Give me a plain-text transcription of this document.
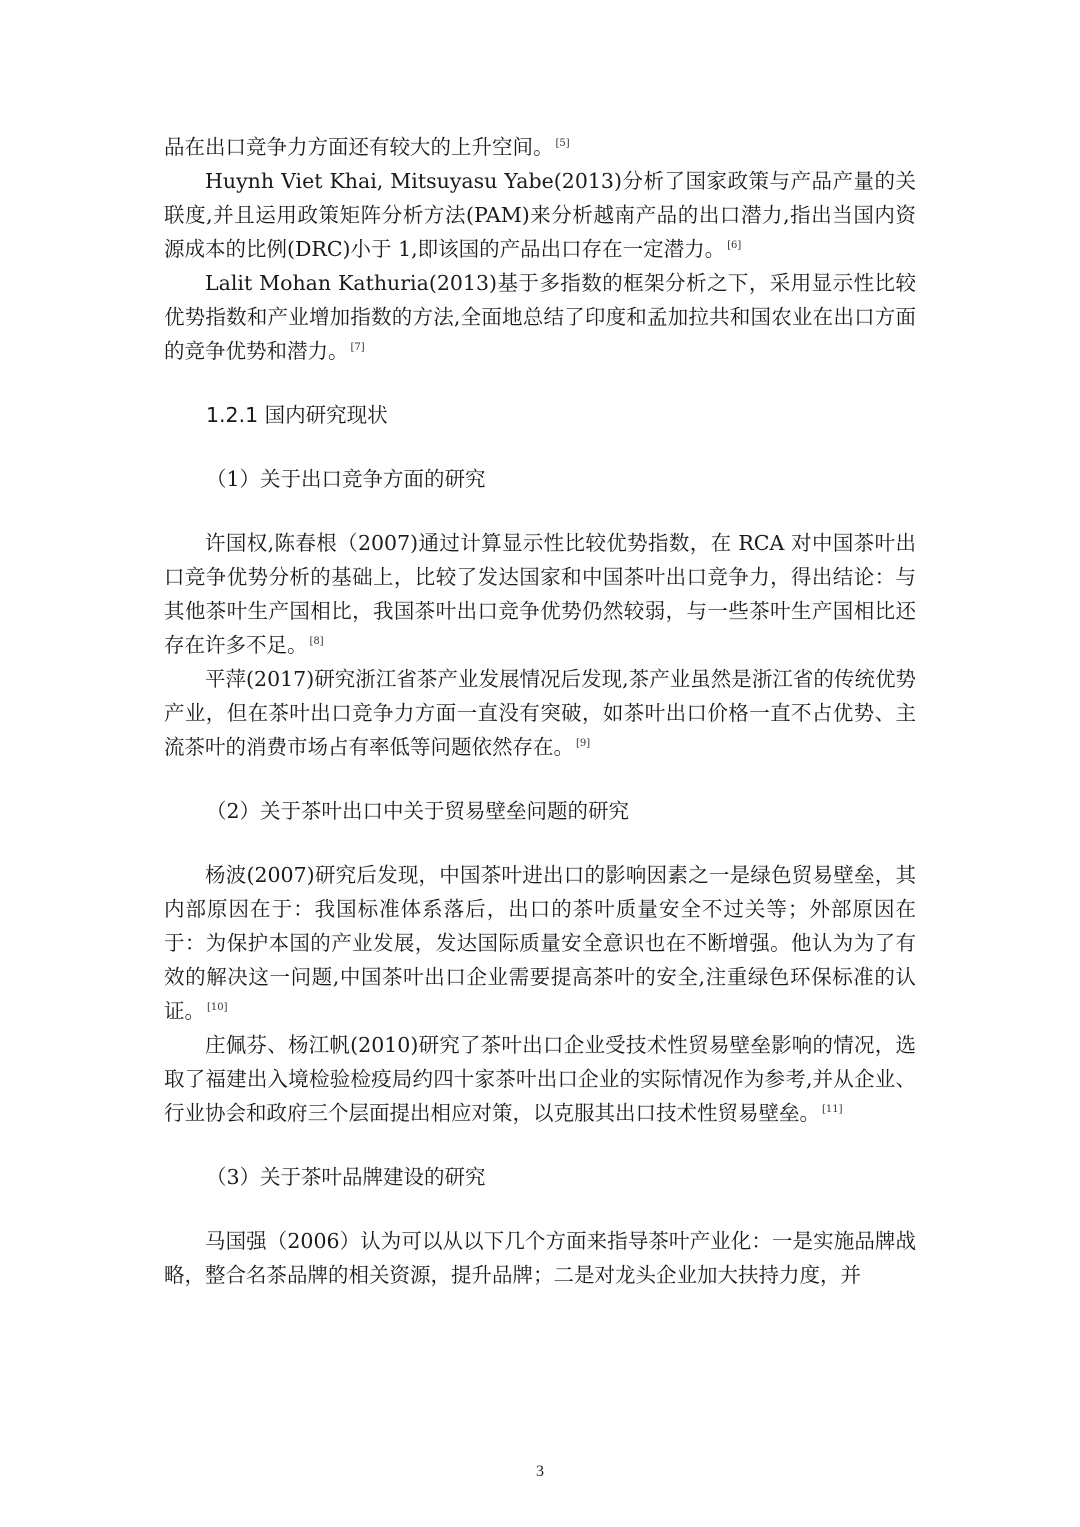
品在出口竞争力方面还有较大的上升空间。 [5]

Huynh Viet Khai, Mitsuyasu Yabe(2013)分析了国家政策与产品产量的关联度,并且运用政策矩阵分析方法(PAM)来分析越南产品的出口潜力,指出当国内资源成本的比例(DRC)小于 1,即该国的产品出口存在一定潜力。 [6]

Lalit Mohan Kathuria(2013)基于多指数的框架分析之下，采用显示性比较优势指数和产业增加指数的方法,全面地总结了印度和孟加拉共和国农业在出口方面的竞争优势和潜力。 [7]

1.2.1 国内研究现状

（1）关于出口竞争方面的研究

许国权,陈春根（2007)通过计算显示性比较优势指数，在 RCA 对中国茶叶出口竞争优势分析的基础上，比较了发达国家和中国茶叶出口竞争力，得出结论：与其他茶叶生产国相比，我国茶叶出口竞争优势仍然较弱，与一些茶叶生产国相比还存在许多不足。 [8]

平萍(2017)研究浙江省茶产业发展情况后发现,茶产业虽然是浙江省的传统优势产业，但在茶叶出口竞争力方面一直没有突破，如茶叶出口价格一直不占优势、主流茶叶的消费市场占有率低等问题依然存在。 [9]

（2）关于茶叶出口中关于贸易壁垒问题的研究

杨波(2007)研究后发现，中国茶叶进出口的影响因素之一是绿色贸易壁垒，其内部原因在于：我国标准体系落后，出口的茶叶质量安全不过关等；外部原因在于：为保护本国的产业发展，发达国际质量安全意识也在不断增强。他认为为了有效的解决这一问题,中国茶叶出口企业需要提高茶叶的安全,注重绿色环保标准的认证。 [10]

庄佩芬、杨江帆(2010)研究了茶叶出口企业受技术性贸易壁垒影响的情况，选取了福建出入境检验检疫局约四十家茶叶出口企业的实际情况作为参考,并从企业、行业协会和政府三个层面提出相应对策，以克服其出口技术性贸易壁垒。 [11]

（3）关于茶叶品牌建设的研究

马国强（2006）认为可以从以下几个方面来指导茶叶产业化：一是实施品牌战略，整合名茶品牌的相关资源，提升品牌；二是对龙头企业加大扶持力度，并

3
